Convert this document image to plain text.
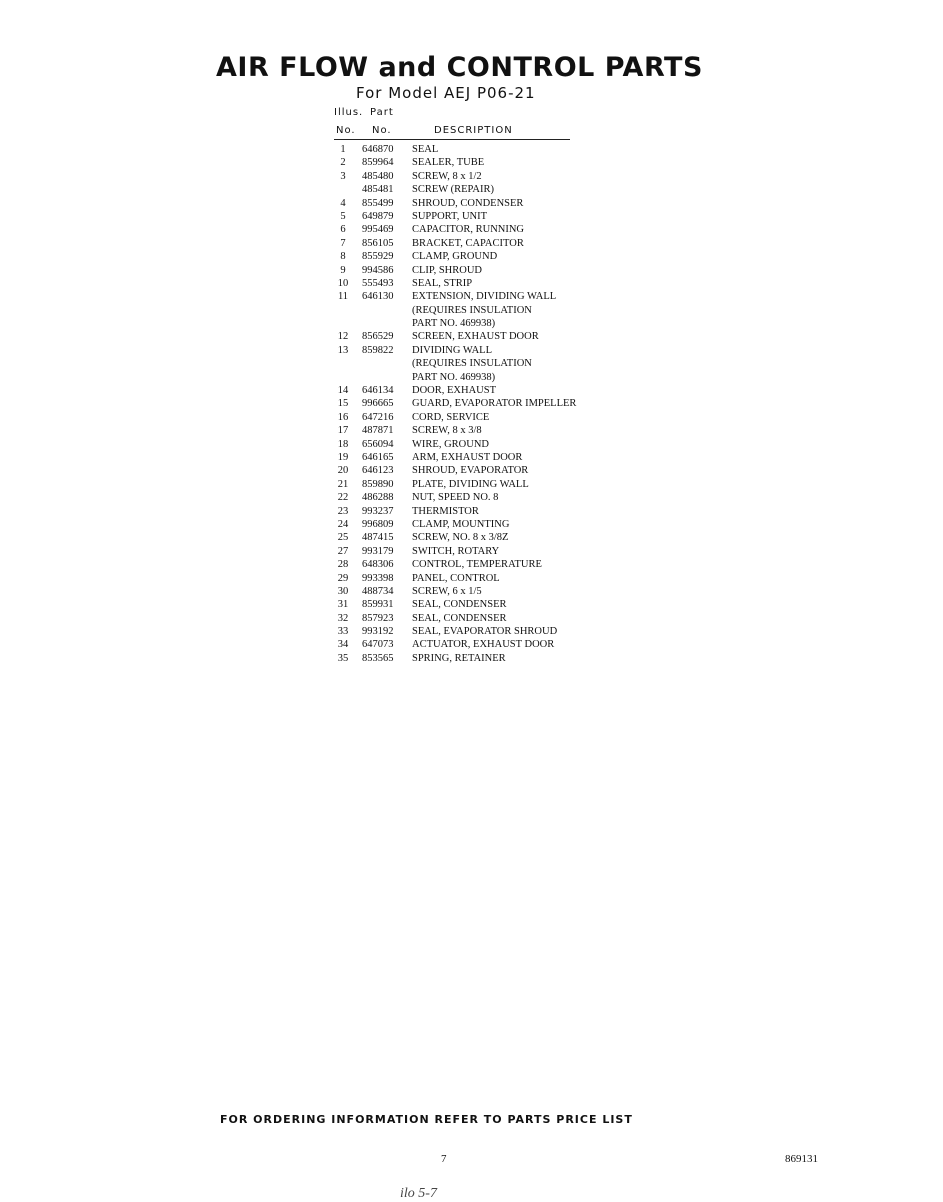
AIR FLOW and CONTROL PARTS
For Model AEJ P06-21
Illus. Part
No. No.	DESCRIPTION
1	646870 SEAL
2	859964 SEALER, TUBE
3	485480 SCREW, 8 x 1/2
485481 SCREW (REPAIR)
4	855499 SHROUD, CONDENSER
5	649879 SUPPORT, UNIT
6	995469 CAPACITOR, RUNNING
7	856105 BRACKET, CAPACITOR
8	855929 CLAMP, GROUND
9	994586 CLIP, SHROUD
10	555493 SEAL, STRIP
11	646130 EXTENSION, DIVIDING WALL
(REQUIRES INSULATION
PART NO. 469938)
12	856529 SCREEN, EXHAUST DOOR
13	859822 DIVIDING WALL
(REQUIRES INSULATION
PART NO. 469938)
14	646134 DOOR, EXHAUST
15	996665 GUARD, EVAPORATOR IMPELLER
16	647216 CORD, SERVICE
17	487871 SCREW, 8 x 3/8
18	656094 WIRE, GROUND
19	646165 ARM, EXHAUST DOOR
20	646123 SHROUD, EVAPORATOR
21	859890 PLATE, DIVIDING WALL
22	486288 NUT, SPEED NO. 8
23	993237 THERMISTOR
24	996809 CLAMP, MOUNTING
25	487415 SCREW, NO. 8 x 3/8Z
27	993179 SWITCH, ROTARY
28	648306 CONTROL, TEMPERATURE
29	993398 PANEL, CONTROL
30	488734 SCREW, 6 x 1/5
31	859931 SEAL, CONDENSER
32	857923 SEAL, CONDENSER
33	993192 SEAL, EVAPORATOR SHROUD
34	647073 ACTUATOR, EXHAUST DOOR
35	853565 SPRING, RETAINER
FOR ORDERING INFORMATION REFER TO PARTS PRICE LIST
7	869131
ilo 5-7
